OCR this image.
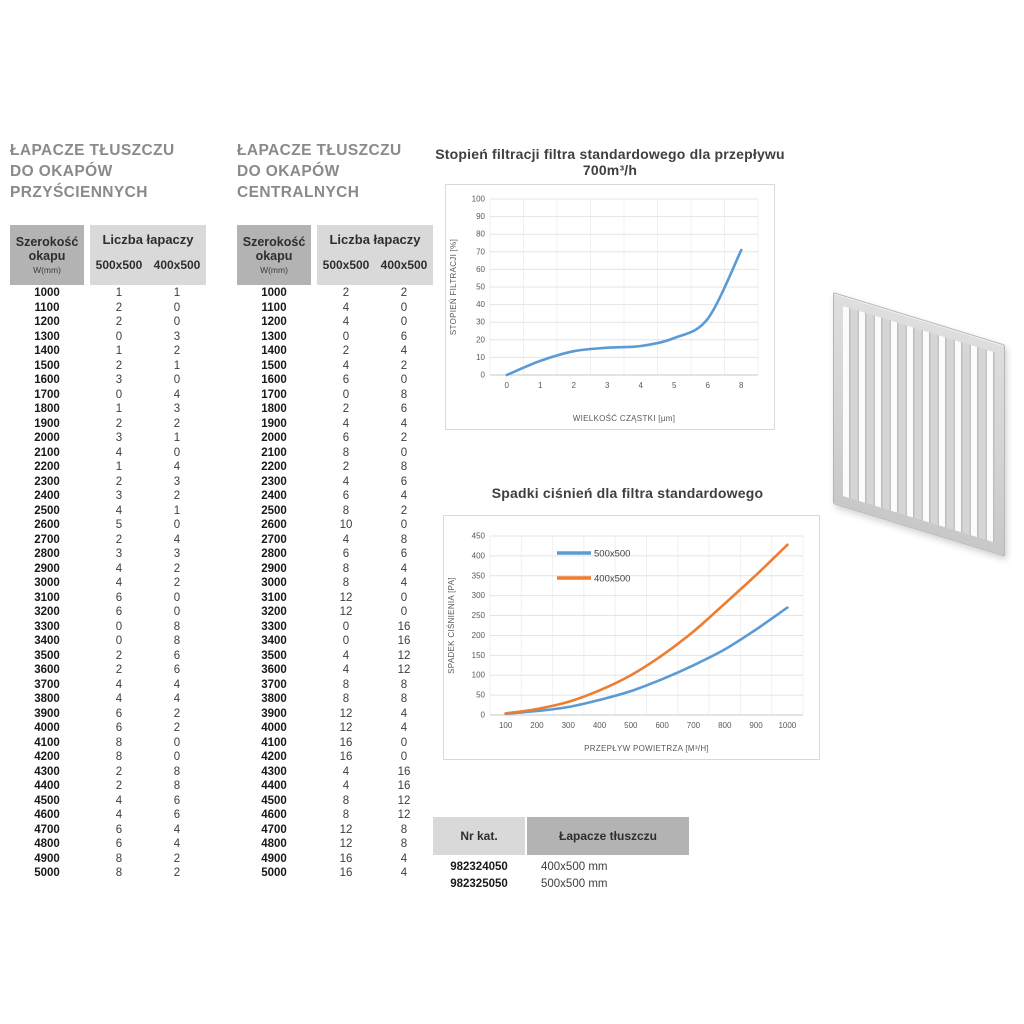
ŁAPACZE TŁUSZCZU
DO OKAPÓW
PRZYŚCIENNYCH
Szerokość okapu
W(mm)
Liczba łapaczy
500x500 400x500
1000	1	1
1100	2	0
1200	2	0
1300	0	3
1400	1	2
1500	2	1
1600	3	0
1700	0	4
1800	1	3
1900	2	2
2000	3	1
2100	4	0
2200	1	4
2300	2	3
2400	3	2
2500	4	1
2600	5	0
2700	2	4
2800	3	3
2900	4	2
3000	4	2
3100	6	0
3200	6	0
3300	0	8
3400	0	8
3500	2	6
3600	2	6
3700	4	4
3800	4	4
3900	6	2
4000	6	2
4100	8	0
4200	8	0
4300	2	8
4400	2	8
4500	4	6
4600	4	6
4700	6	4
4800	6	4
4900	8	2
5000	8	2
ŁAPACZE TŁUSZCZU
DO OKAPÓW
CENTRALNYCH
Szerokość okapu
W(mm)
Liczba łapaczy
500x500 400x500
1000	2	2
1100	4	0
1200	4	0
1300	0	6
1400	2	4
1500	4	2
1600	6	0
1700	0	8
1800	2	6
1900	4	4
2000	6	2
2100	8	0
2200	2	8
2300	4	6
2400	6	4
2500	8	2
2600	10	0
2700	4	8
2800	6	6
2900	8	4
3000	8	4
3100	12	0
3200	12	0
3300	0	16
3400	0	16
3500	4	12
3600	4	12
3700	8	8
3800	8	8
3900	12	4
4000	12	4
4100	16	0
4200	16	0
4300	4	16
4400	4	16
4500	8	12
4600	8	12
4700	12	8
4800	12	8
4900	16	4
5000	16	4
Stopień filtracji filtra standardowego dla przepływu 700m³/h
0
10
20
30
40
50
60
70
80
90
100
0	1	2	3	4	5	6	8
WIELKOŚĆ CZĄSTKI [µm]
STOPIEŃ FILTRACJI [%]
Spadki ciśnień dla filtra standardowego
0
50
100
150
200
250
300
350
400
450
100 200 300 400 500 600 700 800 900 1000
PRZEPŁYW POWIETRZA [M³/H]
SPADEK CIŚNIENIA [PA]
500x500
400x500
Nr kat.	Łapacze tłuszczu
982324050	400x500 mm
982325050	500x500 mm
